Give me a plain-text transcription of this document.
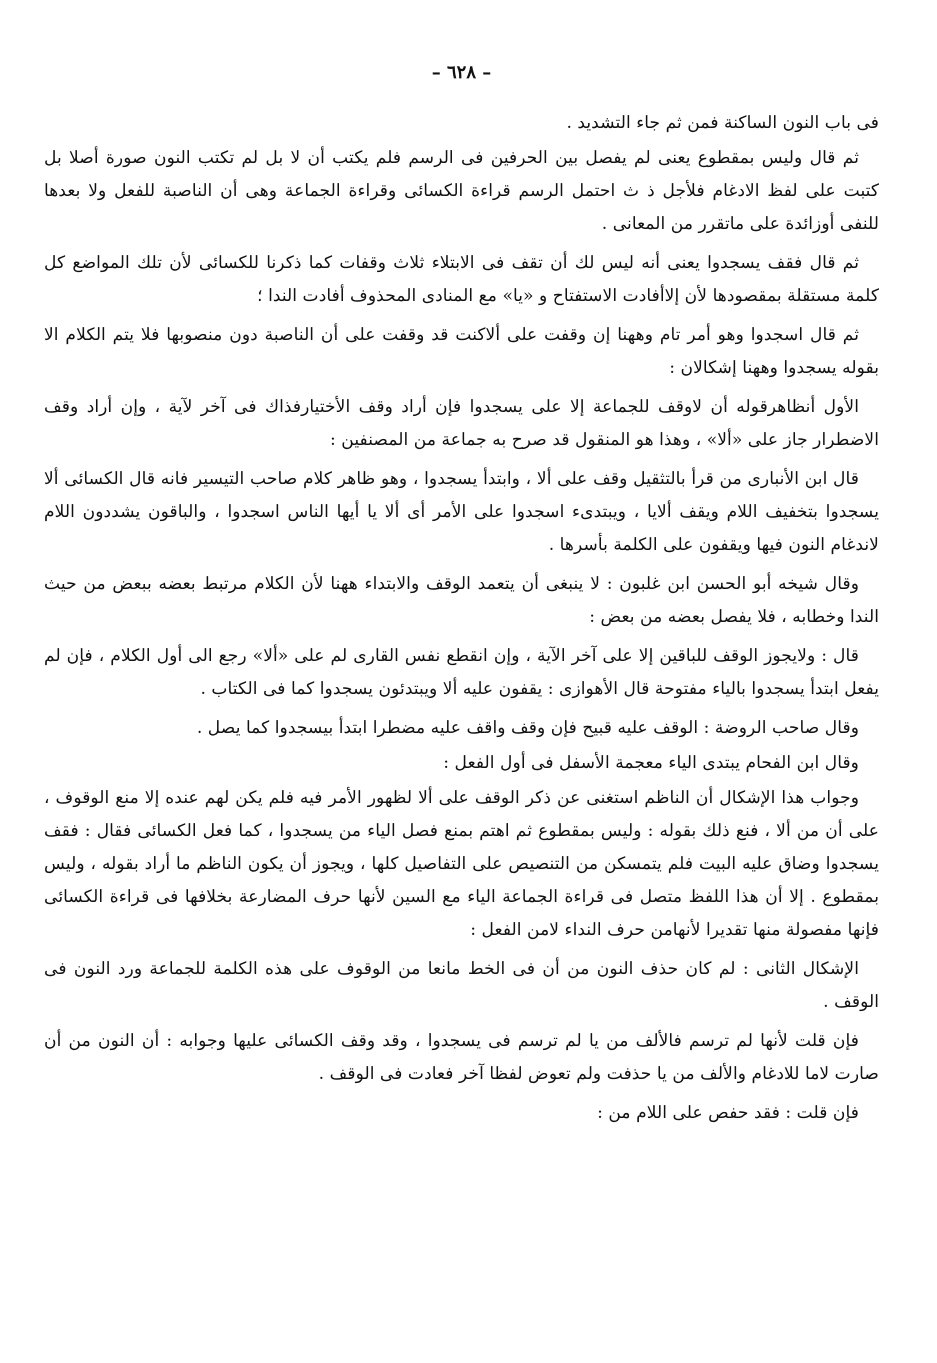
– ٦٢٨ –

فى باب النون الساكنة فمن ثم جاء التشديد .

ثم قال وليس بمقطوع يعنى لم يفصل بين الحرفين فى الرسم فلم يكتب أن لا بل لم تكتب النون صورة أصلا بل كتبت على لفظ الادغام فلأجل ذ ث احتمل الرسم قراءة الكسائى وقراءة الجماعة وهى أن الناصبة للفعل ولا بعدها للنفى أوزائدة على ماتقرر من المعانى .

ثم قال فقف يسجدوا يعنى أنه ليس لك أن تقف فى الابتلاء ثلاث وقفات كما ذكرنا للكسائى لأن تلك المواضع كل كلمة مستقلة بمقصودها لأن إلاأفادت الاستفتاح و «يا» مع المنادى المحذوف أفادت الندا ؛

ثم قال اسجدوا وهو أمر تام وههنا إن وقفت على ألاكنت قد وقفت على أن الناصبة دون منصوبها فلا يتم الكلام الا بقوله يسجدوا وههنا إشكالان :

الأول أنظاهرقوله أن لاوقف للجماعة إلا على يسجدوا فإن أراد وقف الأختيارفذاك فى آخر لآية ، وإن أراد وقف الاضطرار جاز على «ألا» ، وهذا هو المنقول قد صرح به جماعة من المصنفين :

قال ابن الأنبارى من قرأ بالتثقيل وقف على ألا ، وابتدأ يسجدوا ، وهو ظاهر كلام صاحب التيسير فانه قال الكسائى ألا يسجدوا بتخفيف اللام ويقف ألايا ، ويبتدىء اسجدوا على الأمر أى ألا يا أيها الناس اسجدوا ، والباقون يشددون اللام لاندغام النون فيها ويقفون على الكلمة بأسرها .

وقال شيخه أبو الحسن ابن غلبون : لا ينبغى أن يتعمد الوقف والابتداء ههنا لأن الكلام مرتبط بعضه ببعض من حيث الندا وخطابه ، فلا يفصل بعضه من بعض :

قال : ولايجوز الوقف للباقين إلا على آخر الآية ، وإن انقطع نفس القارى لم على «ألا» رجع الى أول الكلام ، فإن لم يفعل ابتدأ يسجدوا بالياء مفتوحة قال الأهوازى : يقفون عليه ألا ويبتدئون يسجدوا كما فى الكتاب .

وقال صاحب الروضة : الوقف عليه قبيح فإن وقف واقف عليه مضطرا ابتدأ بيسجدوا كما يصل .

وقال ابن الفحام يبتدى الياء معجمة الأسفل فى أول الفعل :

وجواب هذا الإشكال أن الناظم استغنى عن ذكر الوقف على ألا لظهور الأمر فيه فلم يكن لهم عنده إلا منع الوقوف ، على أن من ألا ، فنع ذلك بقوله : وليس بمقطوع ثم اهتم بمنع فصل الياء من يسجدوا ، كما فعل الكسائى فقال : فقف يسجدوا وضاق عليه البيت فلم يتمسكن من التنصيص على التفاصيل كلها ، ويجوز أن يكون الناظم ما أراد بقوله ، وليس بمقطوع . إلا أن هذا اللفظ متصل فى قراءة الجماعة الياء مع السين لأنها حرف المضارعة بخلافها فى قراءة الكسائى فإنها مفصولة منها تقديرا لأنهامن حرف النداء لامن الفعل :

الإشكال الثانى : لم كان حذف النون من أن فى الخط مانعا من الوقوف على هذه الكلمة للجماعة ورد النون فى الوقف .

فإن قلت لأنها لم ترسم فالألف من يا لم ترسم فى يسجدوا ، وقد وقف الكسائى عليها وجوابه : أن النون من أن صارت لاما للادغام والألف من يا حذفت ولم تعوض لفظا آخر فعادت فى الوقف .

فإن قلت : فقد حفص على اللام من :
